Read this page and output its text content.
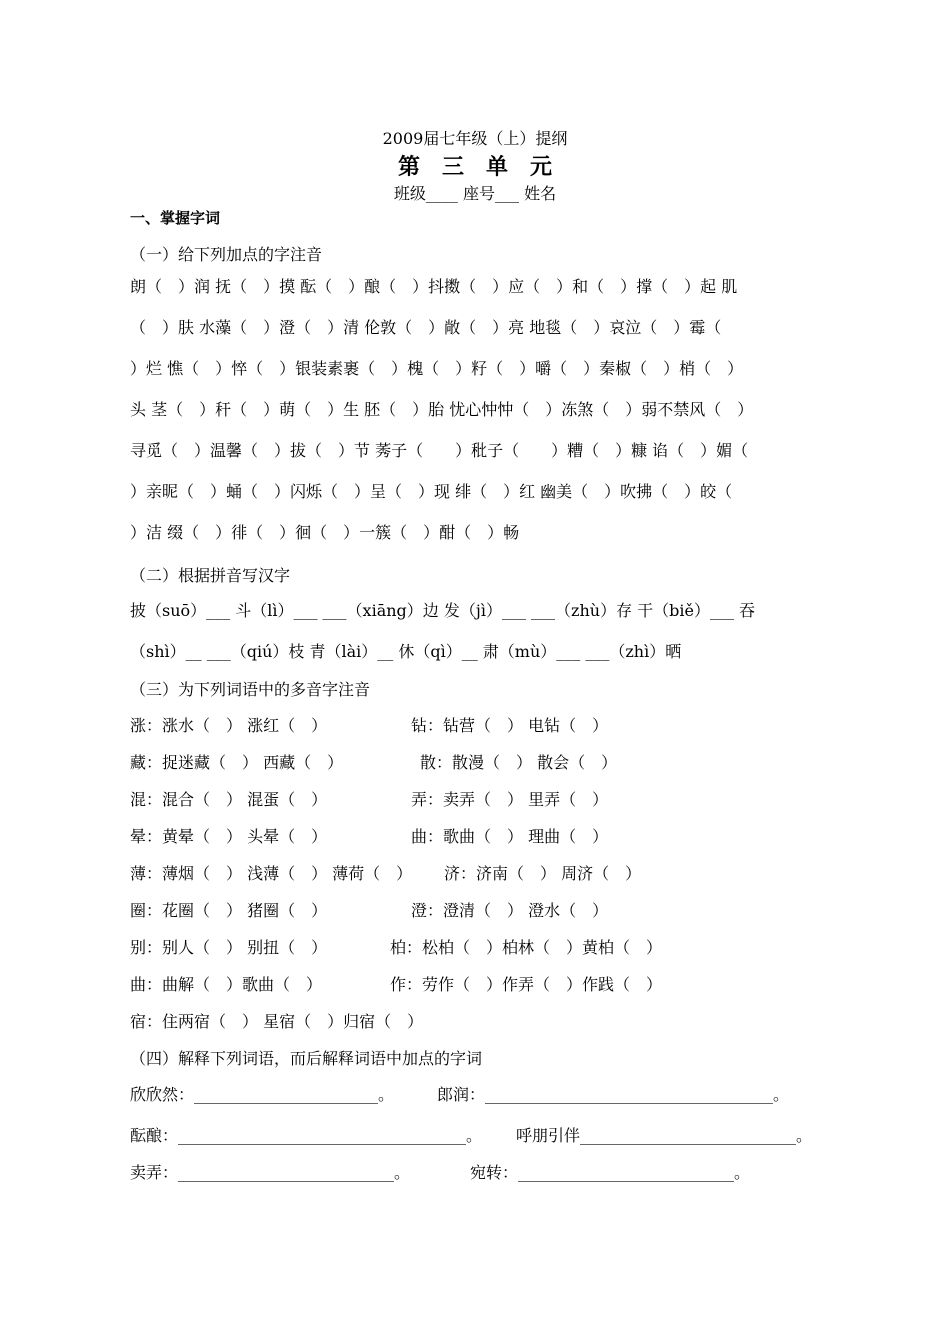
2009届七年级（上）提纲
第三单元
班级____ 座号___ 姓名
一、掌握字词
（一）给下列加点的字注音
朗（　）润 抚（　）摸 酝（　）酿（　）抖擞（　）应（　）和（　）撑（　）起 肌
（　）肤 水藻（　）澄（　）清 伦敦（　）敞（　）亮 地毯（　）哀泣（　）霉（
）烂 憔（　）悴（　）银装素裹（　）槐（　）籽（　）嚼（　）秦椒（　）梢（　）
头 茎（　）秆（　）萌（　）生 胚（　）胎 忧心忡忡（　）冻煞（　）弱不禁风（　）
寻觅（　）温馨（　）拔（　）节 莠子（　　）秕子（　　）糟（　）糠 谄（　）媚（
）亲昵（　）蛹（　）闪烁（　）呈（　）现 绯（　）红 幽美（　）吹拂（　）皎（
）洁 缀（　）徘（　）徊（　）一簇（　）酣（　）畅
（二）根据拼音写汉字
披（suō）___ 斗（lì）___ ___（xiāng）边 发（jì）___ ___（zhù）存 干（biě）___ 吞
（shì）__ ___（qiú）枝 青（lài）__ 休（qì）__ 肃（mù）___ ___（zhì）晒
（三）为下列词语中的多音字注音
涨：涨水（　） 涨红（　）	钻：钻营（　） 电钻（　）
藏：捉迷藏（　） 西藏（　）	散：散漫（　） 散会（　）
混：混合（　） 混蛋（　）	弄：卖弄（　） 里弄（　）
晕：黄晕（　） 头晕（　）	曲：歌曲（　） 理曲（　）
薄：薄烟（　） 浅薄（　） 薄荷（　） 济：济南（　） 周济（　）
圈：花圈（　） 猪圈（　）	澄：澄清（　） 澄水（　）
别：别人（　） 别扭（　）	柏：松柏（　）柏林（　）黄柏（　）
曲：曲解（　）歌曲（　）	作：劳作（　）作弄（　）作践（　）
宿：住两宿（　） 星宿（　）归宿（　）
（四）解释下列词语，而后解释词语中加点的字词
欣欣然：_______________________。	郎润：____________________________________。
酝酿：____________________________________。 呼朋引伴___________________________。
卖弄：___________________________。	宛转：___________________________。
